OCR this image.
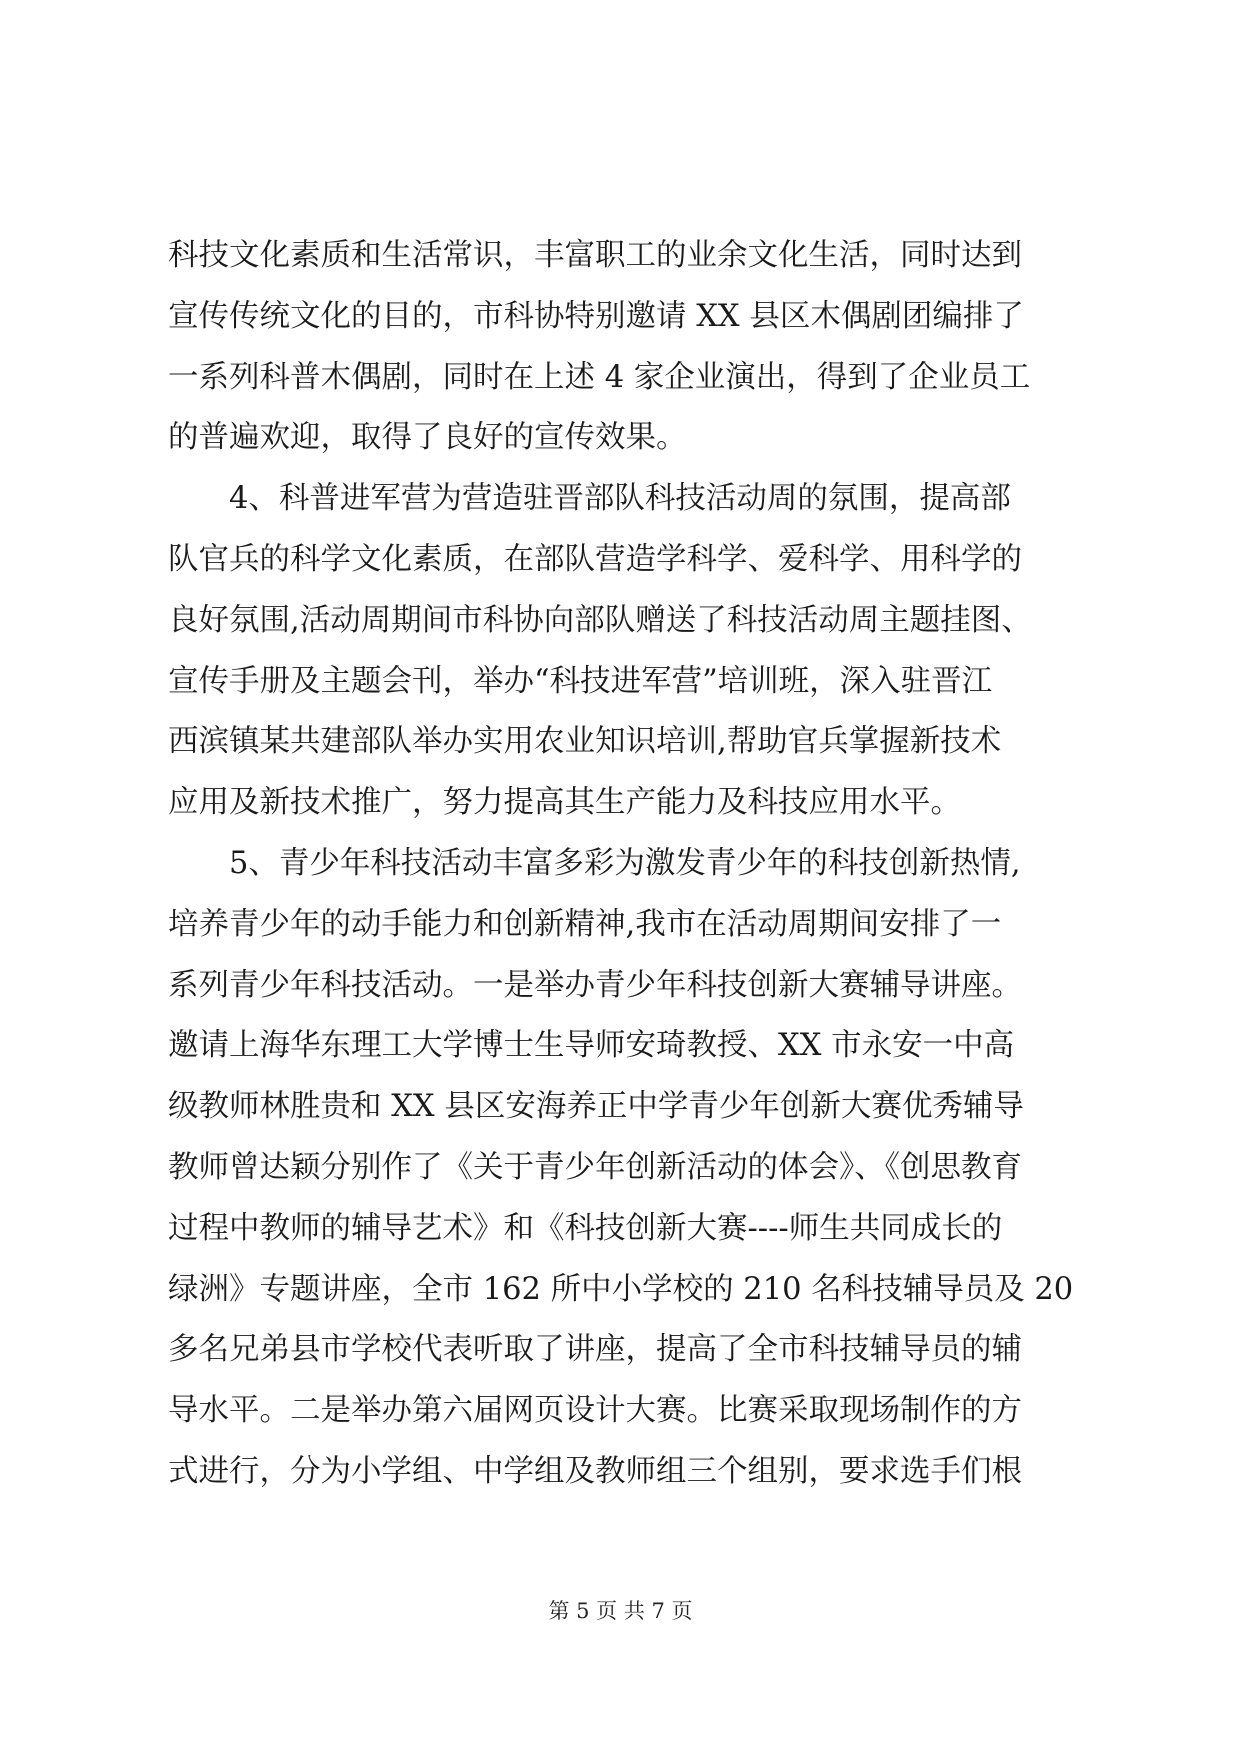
科技文化素质和生活常识，丰富职工的业余文化生活，同时达到
宣传传统文化的目的，市科协特别邀请 XX 县区木偶剧团编排了
一系列科普木偶剧，同时在上述 4 家企业演出，得到了企业员工
的普遍欢迎，取得了良好的宣传效果。
4、科普进军营为营造驻晋部队科技活动周的氛围，提高部
队官兵的科学文化素质，在部队营造学科学、爱科学、用科学的
良好氛围,活动周期间市科协向部队赠送了科技活动周主题挂图、
宣传手册及主题会刊，举办“科技进军营”培训班，深入驻晋江
西滨镇某共建部队举办实用农业知识培训,帮助官兵掌握新技术
应用及新技术推广，努力提高其生产能力及科技应用水平。
5、青少年科技活动丰富多彩为激发青少年的科技创新热情,
培养青少年的动手能力和创新精神,我市在活动周期间安排了一
系列青少年科技活动。一是举办青少年科技创新大赛辅导讲座。
邀请上海华东理工大学博士生导师安琦教授、XX 市永安一中高
级教师林胜贵和 XX 县区安海养正中学青少年创新大赛优秀辅导
教师曾达颖分别作了《关于青少年创新活动的体会》、《创思教育
过程中教师的辅导艺术》和《科技创新大赛----师生共同成长的
绿洲》专题讲座，全市 162 所中小学校的 210 名科技辅导员及 20
多名兄弟县市学校代表听取了讲座，提高了全市科技辅导员的辅
导水平。二是举办第六届网页设计大赛。比赛采取现场制作的方
式进行，分为小学组、中学组及教师组三个组别，要求选手们根
第 5 页 共 7 页
